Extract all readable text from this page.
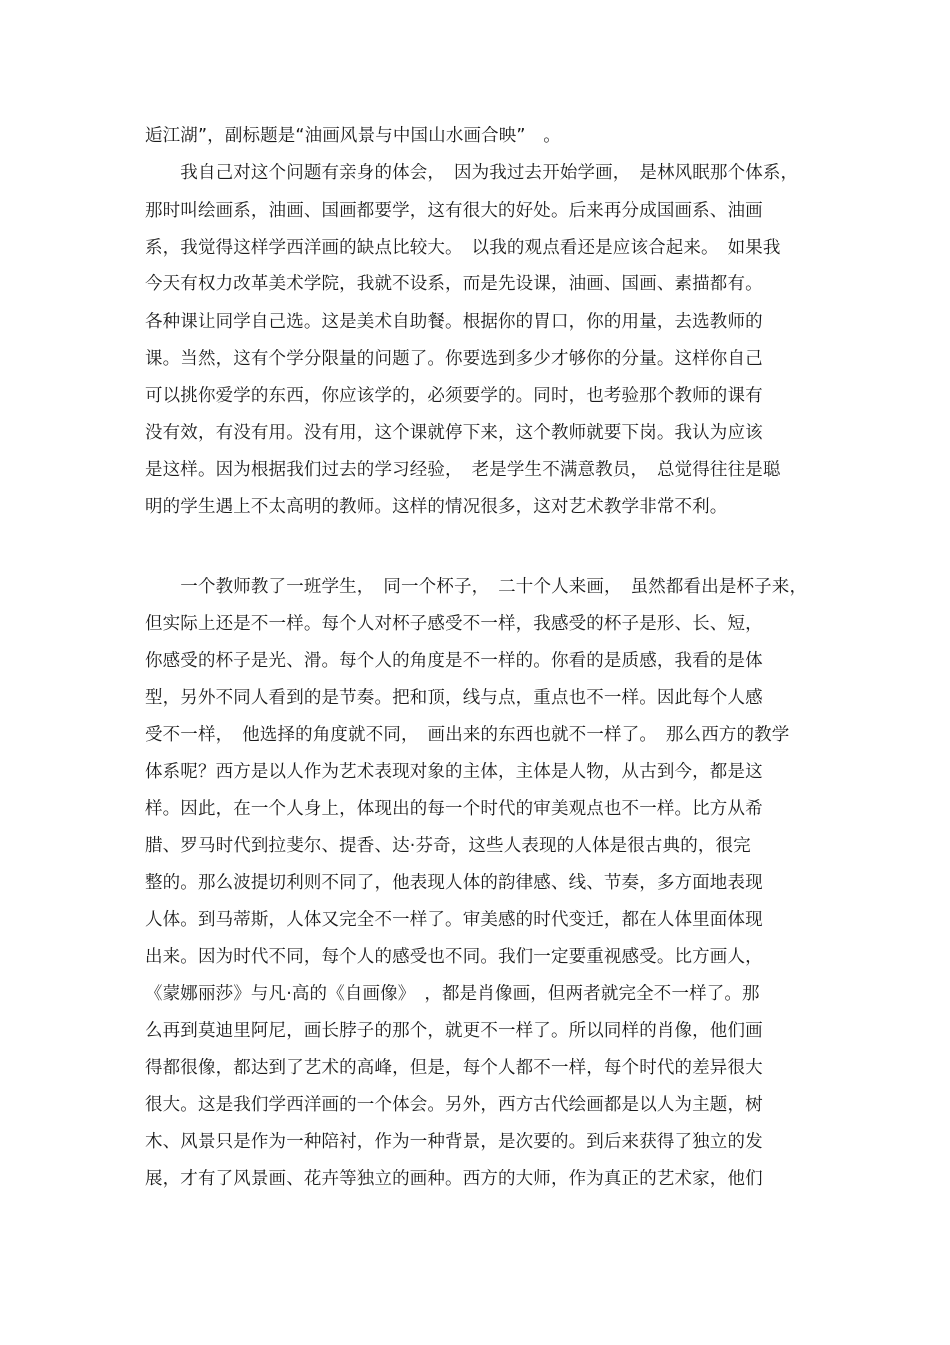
逅江湖”，副标题是“油画风景与中国山水画合映”　。
　　我自己对这个问题有亲身的体会，　因为我过去开始学画，　是林风眠那个体系，
那时叫绘画系，油画、国画都要学，这有很大的好处。后来再分成国画系、油画
系，我觉得这样学西洋画的缺点比较大。　以我的观点看还是应该合起来。　如果我
今天有权力改革美术学院，我就不设系，而是先设课，油画、国画、素描都有。
各种课让同学自己选。这是美术自助餐。根据你的胃口，你的用量，去选教师的
课。当然，这有个学分限量的问题了。你要选到多少才够你的分量。这样你自己
可以挑你爱学的东西，你应该学的，必须要学的。同时，也考验那个教师的课有
没有效，有没有用。没有用，这个课就停下来，这个教师就要下岗。我认为应该
是这样。因为根据我们过去的学习经验，　老是学生不满意教员，　总觉得往往是聪
明的学生遇上不太高明的教师。这样的情况很多，这对艺术教学非常不利。
　　一个教师教了一班学生，　同一个杯子，　二十个人来画，　虽然都看出是杯子来，
但实际上还是不一样。每个人对杯子感受不一样，我感受的杯子是形、长、短，
你感受的杯子是光、滑。每个人的角度是不一样的。你看的是质感，我看的是体
型，另外不同人看到的是节奏。把和顶，线与点，重点也不一样。因此每个人感
受不一样，　他选择的角度就不同，　画出来的东西也就不一样了。　那么西方的教学
体系呢？西方是以人作为艺术表现对象的主体，主体是人物，从古到今，都是这
样。因此，在一个人身上，体现出的每一个时代的审美观点也不一样。比方从希
腊、罗马时代到拉斐尔、提香、达·芬奇，这些人表现的人体是很古典的，很完
整的。那么波提切利则不同了，他表现人体的韵律感、线、节奏，多方面地表现
人体。到马蒂斯，人体又完全不一样了。审美感的时代变迁，都在人体里面体现
出来。因为时代不同，每个人的感受也不同。我们一定要重视感受。比方画人，
《蒙娜丽莎》与凡·高的《自画像》　，都是肖像画，但两者就完全不一样了。那
么再到莫迪里阿尼，画长脖子的那个，就更不一样了。所以同样的肖像，他们画
得都很像，都达到了艺术的高峰，但是，每个人都不一样，每个时代的差异很大
很大。这是我们学西洋画的一个体会。另外，西方古代绘画都是以人为主题，树
木、风景只是作为一种陪衬，作为一种背景，是次要的。到后来获得了独立的发
展，才有了风景画、花卉等独立的画种。西方的大师，作为真正的艺术家，他们
